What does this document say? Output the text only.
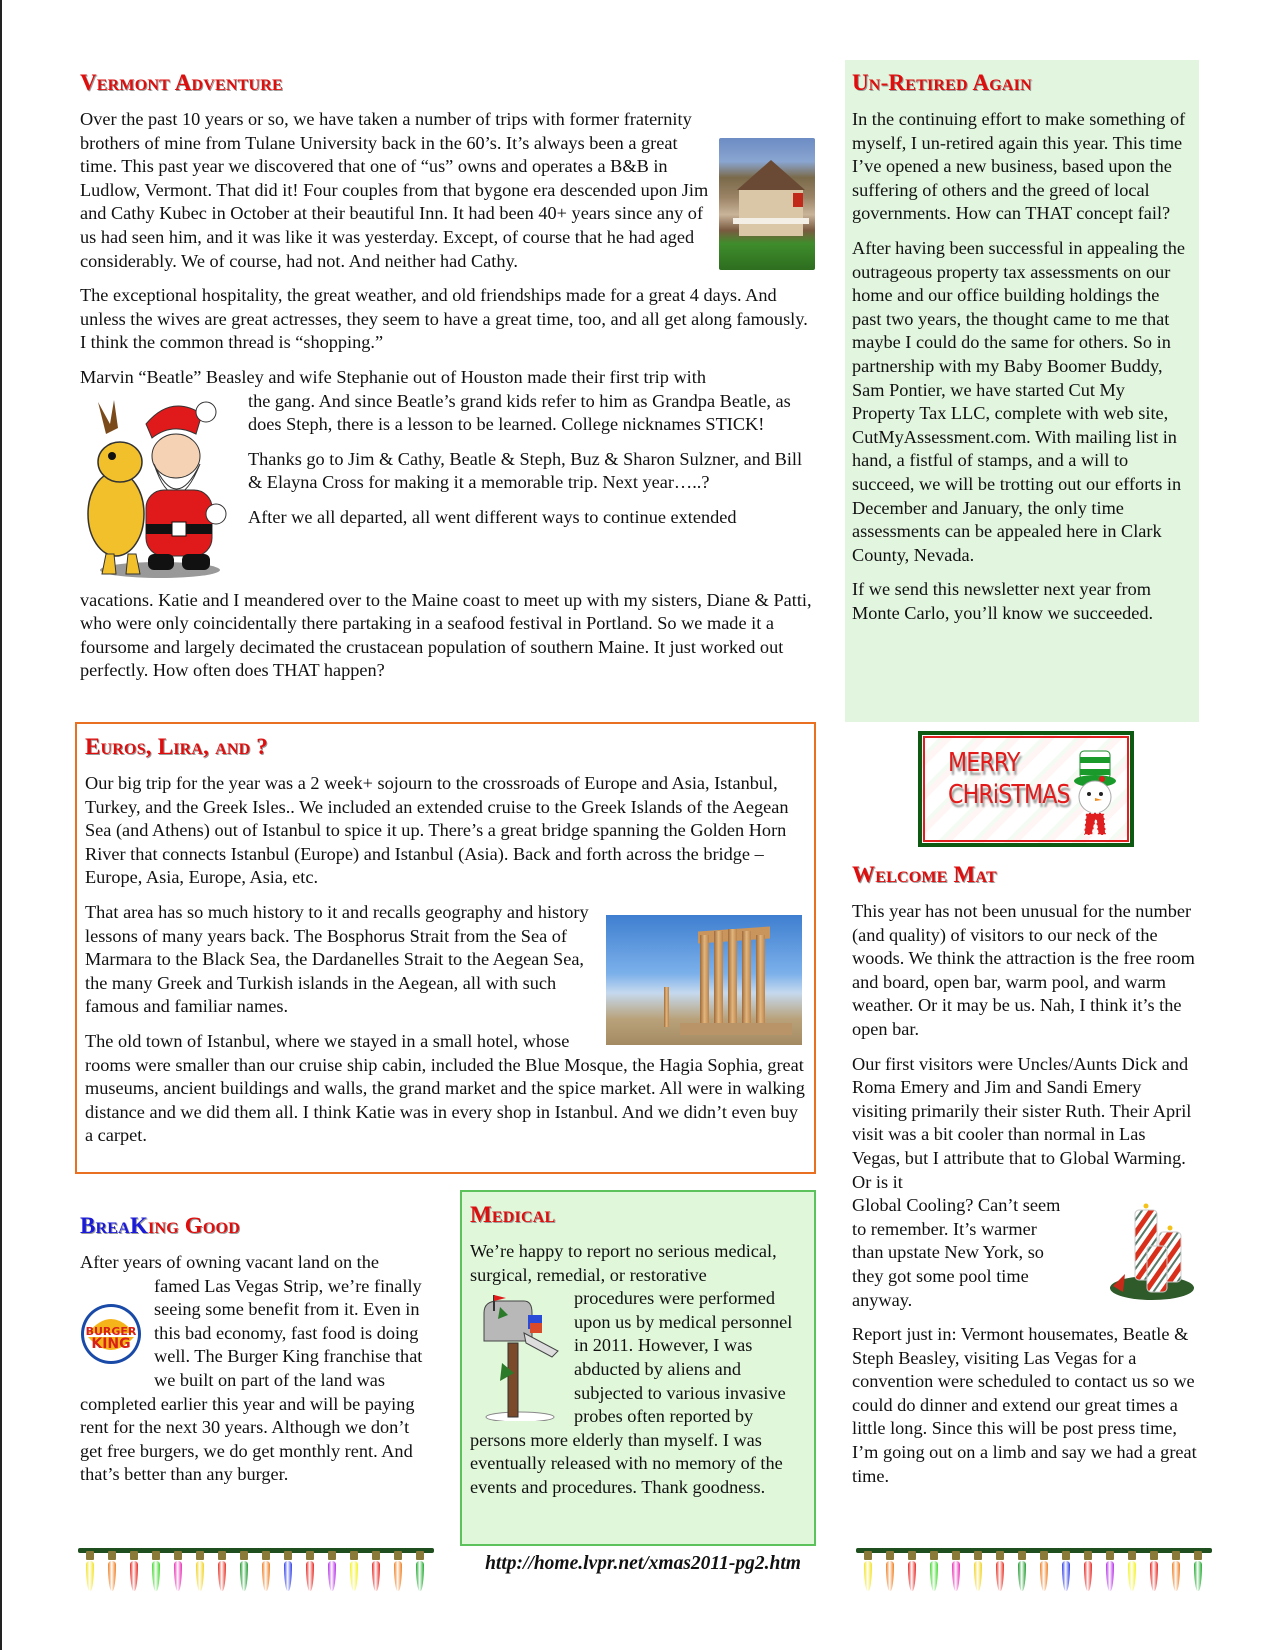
Vermont Adventure

Over the past 10 years or so, we have taken a number of trips with former fraternity brothers of mine from Tulane University back in the 60’s. It’s always been a great time. This past year we discovered that one of “us” owns and operates a B&B in Ludlow, Vermont. That did it! Four couples from that bygone era descended upon Jim and Cathy Kubec in October at their beautiful Inn. It had been 40+ years since any of us had seen him, and it was like it was yesterday. Except, of course that he had aged considerably. We of course, had not. And neither had Cathy.

The exceptional hospitality, the great weather, and old friendships made for a great 4 days. And unless the wives are great actresses, they seem to have a great time, too, and all get along famously. I think the common thread is “shopping.”

Marvin “Beatle” Beasley and wife Stephanie out of Houston made their first trip with

the gang. And since Beatle’s grand kids refer to him as Grandpa Beatle, as does Steph, there is a lesson to be learned. College nicknames STICK!

Thanks go to Jim & Cathy, Beatle & Steph, Buz & Sharon Sulzner, and Bill & Elayna Cross for making it a memorable trip. Next year…..?

After we all departed, all went different ways to continue extended

vacations. Katie and I meandered over to the Maine coast to meet up with my sisters, Diane & Patti, who were only coincidentally there partaking in a seafood festival in Portland. So we made it a foursome and largely decimated the crustacean population of southern Maine. It just worked out perfectly. How often does THAT happen?

Un-Retired Again

In the continuing effort to make something of myself, I un-retired again this year. This time I’ve opened a new business, based upon the suffering of others and the greed of local governments. How can THAT concept fail?

After having been successful in appealing the outrageous property tax assessments on our home and our office building holdings the past two years, the thought came to me that maybe I could do the same for others. So in partnership with my Baby Boomer Buddy, Sam Pontier, we have started Cut My Property Tax LLC, complete with web site, CutMyAssessment.com. With mailing list in hand, a fistful of stamps, and a will to succeed, we will be trotting out our efforts in December and January, the only time assessments can be appealed here in Clark County, Nevada.

If we send this newsletter next year from Monte Carlo, you’ll know we succeeded.

Euros, Lira, and ?

Our big trip for the year was a 2 week+ sojourn to the crossroads of Europe and Asia, Istanbul, Turkey, and the Greek Isles.. We included an extended cruise to the Greek Islands of the Aegean Sea (and Athens) out of Istanbul to spice it up. There’s a great bridge spanning the Golden Horn River that connects Istanbul (Europe) and Istanbul (Asia). Back and forth across the bridge – Europe, Asia, Europe, Asia, etc.

That area has so much history to it and recalls geography and history lessons of many years back. The Bosphorus Strait from the Sea of Marmara to the Black Sea, the Dardanelles Strait to the Aegean Sea, the many Greek and Turkish islands in the Aegean, all with such famous and familiar names.

The old town of Istanbul, where we stayed in a small hotel, whose rooms were smaller than our cruise ship cabin, included the Blue Mosque, the Hagia Sophia, great museums, ancient buildings and walls, the grand market and the spice market. All were in walking distance and we did them all. I think Katie was in every shop in Istanbul. And we didn’t even buy a carpet.

MERRY
CHRiSTMAS
Welcome Mat

This year has not been unusual for the number (and quality) of visitors to our neck of the woods. We think the attraction is the free room and board, open bar, warm pool, and warm weather. Or it may be us. Nah, I think it’s the open bar.

Our first visitors were Uncles/Aunts Dick and Roma Emery and Jim and Sandi Emery visiting primarily their sister Ruth. Their April visit was a bit cooler than normal in Las Vegas, but I attribute that to Global Warming. Or is it

Global Cooling? Can’t seem to remember. It’s warmer than upstate New York, so they got some pool time anyway.

Report just in: Vermont housemates, Beatle & Steph Beasley, visiting Las Vegas for a convention were scheduled to contact us so we could do dinner and extend our great times a little long. Since this will be post press time, I’m going out on a limb and say we had a great time.

BreaKing Good

After years of owning vacant land on the

BURGER
KING

famed Las Vegas Strip, we’re finally seeing some benefit from it. Even in this bad economy, fast food is doing well. The Burger King franchise that we built on part of the land was completed earlier this year and will be paying rent for the next 30 years. Although we don’t get free burgers, we do get monthly rent. And that’s better than any burger.

Medical

We’re happy to report no serious medical, surgical, remedial, or restorative

procedures were performed upon us by medical personnel in 2011. However, I was abducted by aliens and subjected to various invasive probes often reported by persons more elderly than myself. I was eventually released with no memory of the events and procedures. Thank goodness.

http://home.lvpr.net/xmas2011-pg2.htm
